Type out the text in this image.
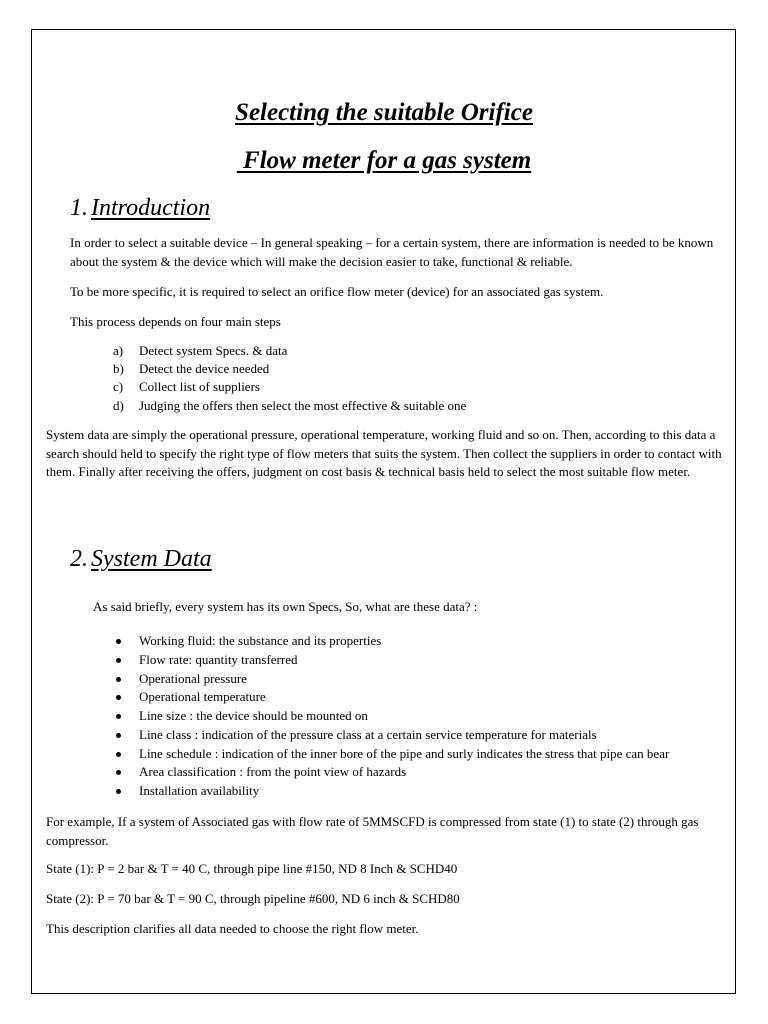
Selecting the suitable Orifice
Flow meter for a gas system
1. Introduction
In order to select a suitable device – In general speaking – for a certain system, there are information is needed to be known about the system & the device which will make the decision easier to take, functional & reliable.
To be more specific, it is required to select an orifice flow meter (device) for an associated gas system.
This process depends on four main steps
a) Detect system Specs. & data
b) Detect the device needed
c) Collect list of suppliers
d) Judging the offers then select the most effective & suitable one
System data are simply the operational pressure, operational temperature, working fluid and so on. Then, according to this data a search should held to specify the right type of flow meters that suits the system. Then collect the suppliers in order to contact with them. Finally after receiving the offers, judgment on cost basis & technical basis held to select the most suitable flow meter.
2. System Data
As said briefly, every system has its own Specs, So, what are these data? :
Working fluid: the substance and its properties
Flow rate: quantity transferred
Operational pressure
Operational temperature
Line size : the device should be mounted on
Line class : indication of the pressure class at a certain service temperature for materials
Line schedule : indication of the inner bore of the pipe and surly indicates the stress that pipe can bear
Area classification : from the point view of hazards
Installation availability
For example, If a system of Associated gas with flow rate of 5MMSCFD is compressed from state (1) to state (2) through gas compressor.
State (1): P = 2 bar & T = 40 C, through pipe line #150, ND 8 Inch & SCHD40
State (2): P = 70 bar & T = 90 C, through pipeline #600, ND 6 inch & SCHD80
This description clarifies all data needed to choose the right flow meter.
